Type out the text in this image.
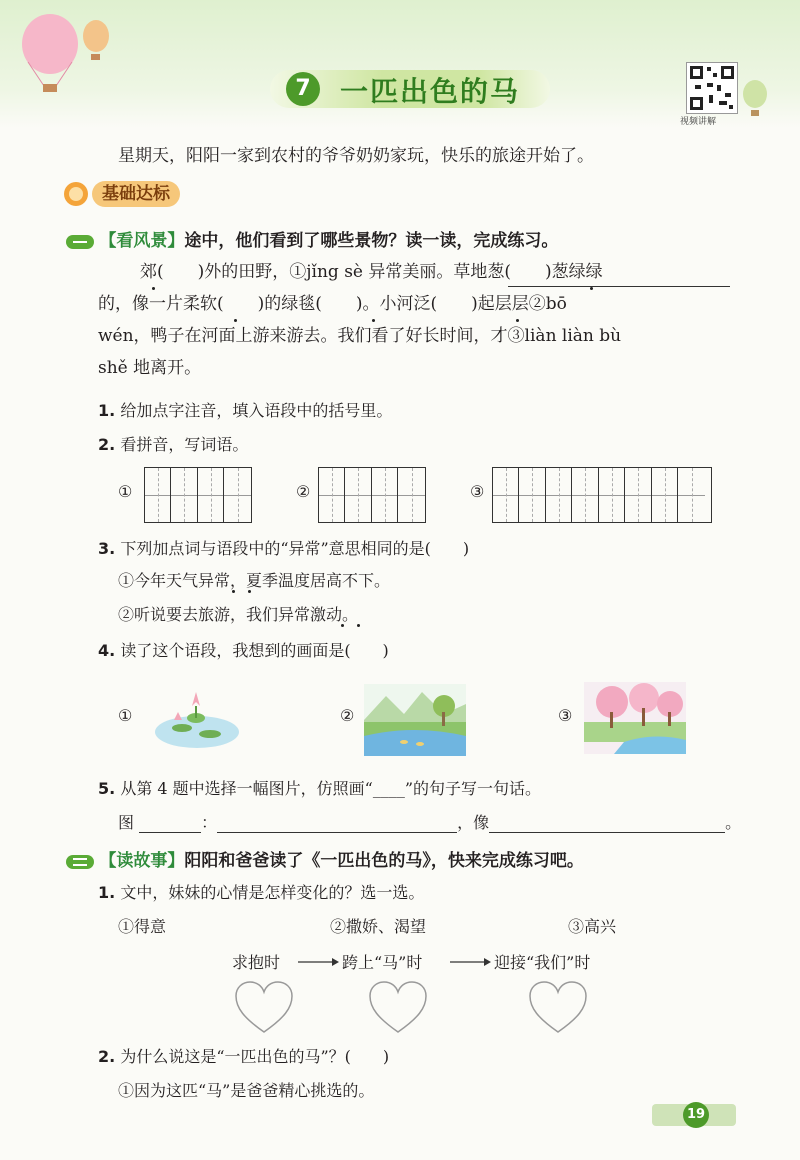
7	一匹出色的马
视频讲解
星期天，阳阳一家到农村的爷爷奶奶家玩，快乐的旅途开始了。
基础达标
【看风景】途中，他们看到了哪些景物？读一读，完成练习。
郊(　　)外的田野，①jǐng sè 异常美丽。草地葱(　　)葱绿绿
的，像一片柔软(　　)的绿毯(　　)。小河泛(　　)起层层②bō
wén，鸭子在河面上游来游去。我们看了好长时间，才③liàn liàn bù
shě 地离开。
1. 给加点字注音，填入语段中的括号里。
2. 看拼音，写词语。
①	②	③
3. 下列加点词与语段中的“异常”意思相同的是(　　)
①今年天气异常，夏季温度居高不下。
②听说要去旅游，我们异常激动。
4. 读了这个语段，我想到的画面是(　　)
①	②	③
5. 从第 4 题中选择一幅图片，仿照画“____”的句子写一句话。
图	：	，像	。
【读故事】阳阳和爸爸读了《一匹出色的马》，快来完成练习吧。
1. 文中，妹妹的心情是怎样变化的？选一选。
①得意	②撒娇、渴望	③高兴
求抱时	跨上“马”时	迎接“我们”时
2. 为什么说这是“一匹出色的马”？(　　)
①因为这匹“马”是爸爸精心挑选的。
19
